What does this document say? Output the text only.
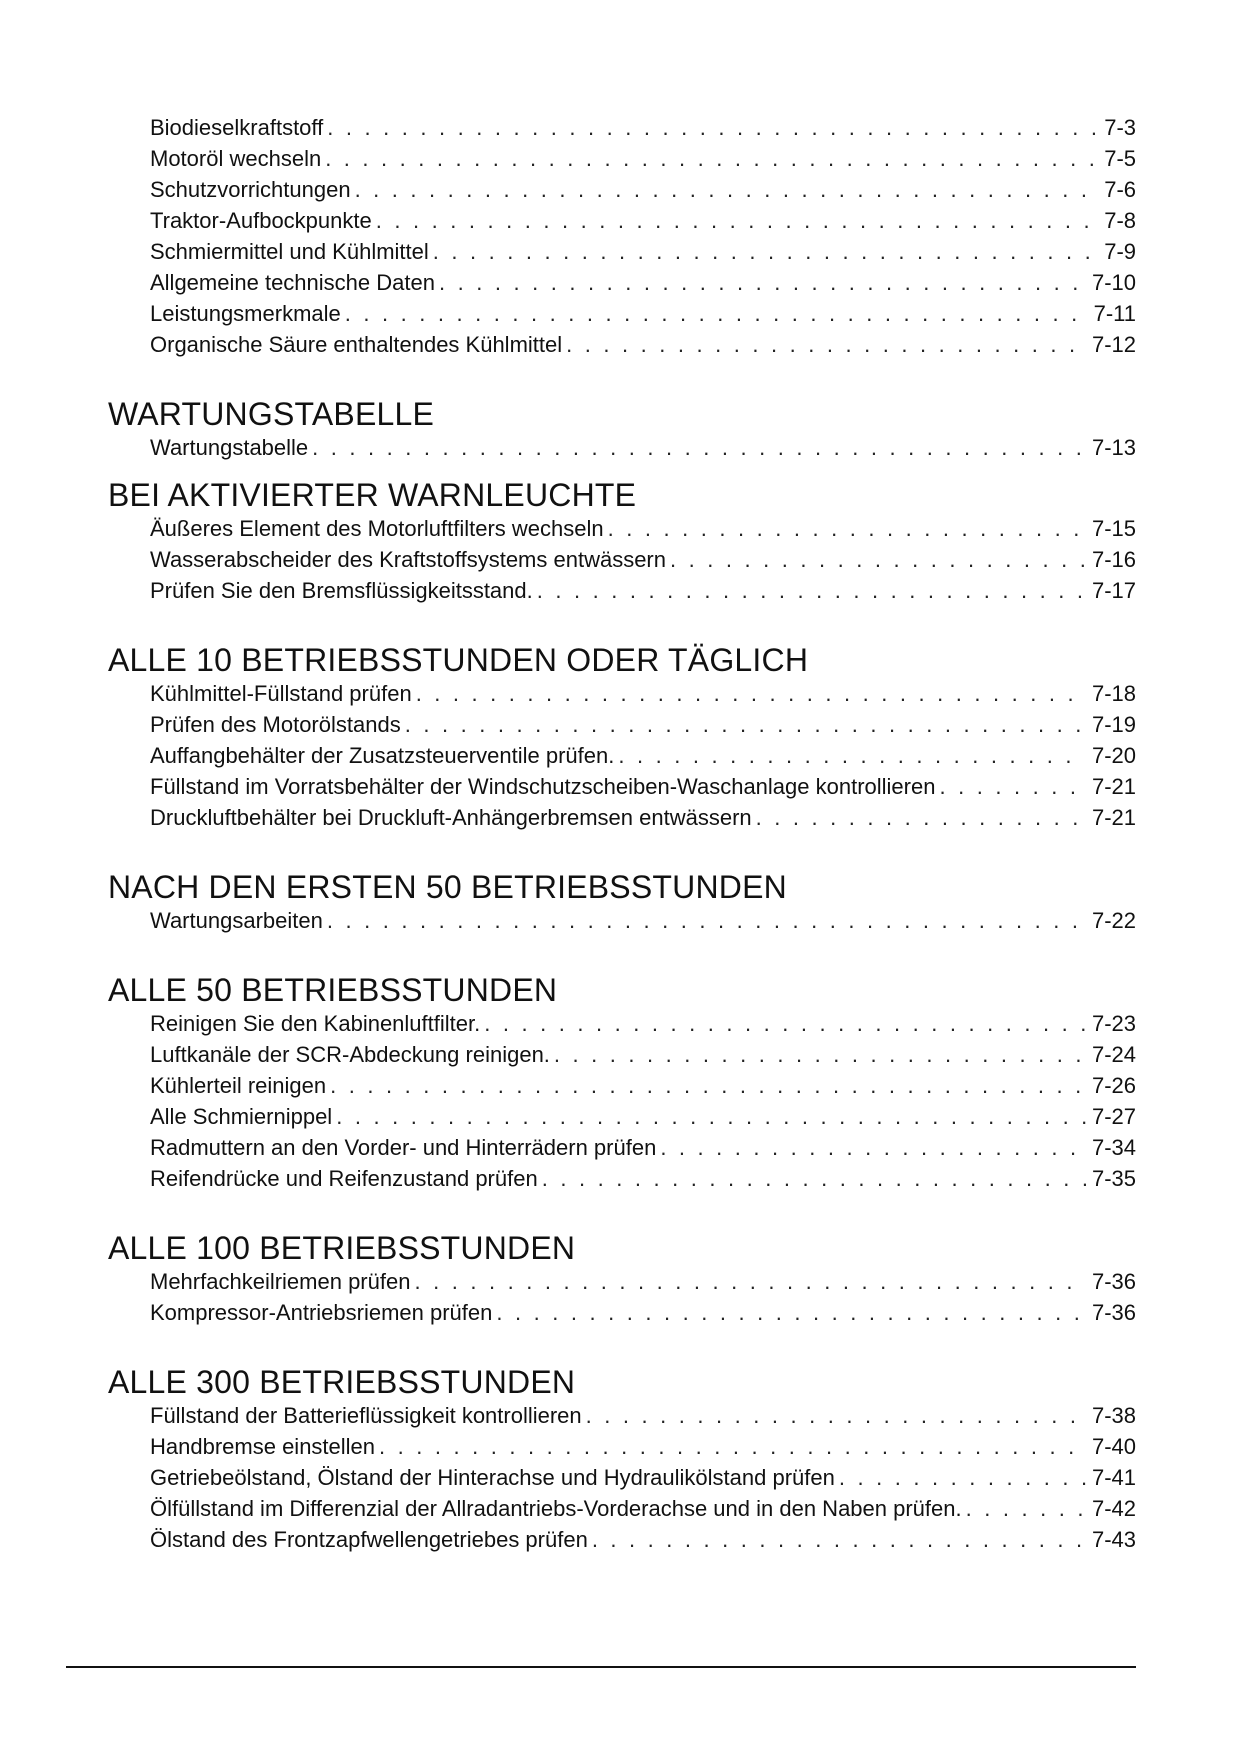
Biodieselkraftstoff . . .	7-3
Motoröl wechseln . . .	7-5
Schutzvorrichtungen . . .	7-6
Traktor-Aufbockpunkte . . .	7-8
Schmiermittel und Kühlmittel . . .	7-9
Allgemeine technische Daten . . .	7-10
Leistungsmerkmale . . .	7-11
Organische Säure enthaltendes Kühlmittel . . .	7-12
WARTUNGSTABELLE
Wartungstabelle . . .	7-13
BEI AKTIVIERTER WARNLEUCHTE
Äußeres Element des Motorluftfilters wechseln . . .	7-15
Wasserabscheider des Kraftstoffsystems entwässern . . .	7-16
Prüfen Sie den Bremsflüssigkeitsstand. . . .	7-17
ALLE 10 BETRIEBSSTUNDEN ODER TÄGLICH
Kühlmittel-Füllstand prüfen . . .	7-18
Prüfen des Motorölstands . . .	7-19
Auffangbehälter der Zusatzsteuerventile prüfen. . . .	7-20
Füllstand im Vorratsbehälter der Windschutzscheiben-Waschanlage kontrollieren . . .	7-21
Druckluftbehälter bei Druckluft-Anhängerbremsen entwässern . . .	7-21
NACH DEN ERSTEN 50 BETRIEBSSTUNDEN
Wartungsarbeiten . . .	7-22
ALLE 50 BETRIEBSSTUNDEN
Reinigen Sie den Kabinenluftfilter. . . .	7-23
Luftkanäle der SCR-Abdeckung reinigen. . . .	7-24
Kühlerteil reinigen . . .	7-26
Alle Schmiernippel . . .	7-27
Radmuttern an den Vorder- und Hinterrädern prüfen . . .	7-34
Reifendrücke und Reifenzustand prüfen . . .	7-35
ALLE 100 BETRIEBSSTUNDEN
Mehrfachkeilriemen prüfen . . .	7-36
Kompressor-Antriebsriemen prüfen . . .	7-36
ALLE 300 BETRIEBSSTUNDEN
Füllstand der Batterieflüssigkeit kontrollieren . . .	7-38
Handbremse einstellen . . .	7-40
Getriebeölstand, Ölstand der Hinterachse und Hydraulikölstand prüfen . . .	7-41
Ölfüllstand im Differenzial der Allradantriebs-Vorderachse und in den Naben prüfen. . . .	7-42
Ölstand des Frontzapfwellengetriebes prüfen . . .	7-43
